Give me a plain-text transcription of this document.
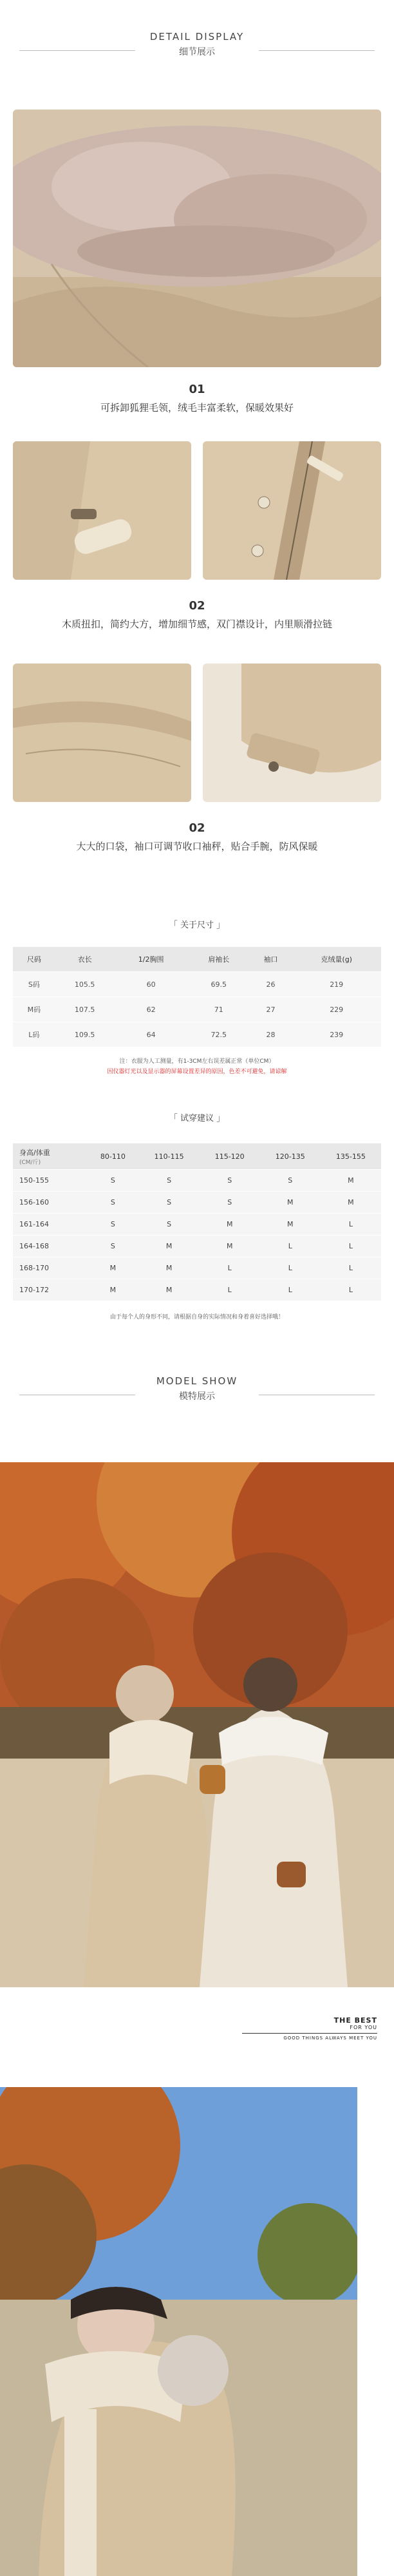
DETAIL DISPLAY
细节展示
01
可拆卸狐狸毛领，绒毛丰富柔软，保暖效果好
02
木质扭扣，简约大方，增加细节感，双门襟设计，内里顺滑拉链
02
大大的口袋，袖口可调节收口袖秤，贴合手腕，防风保暖
「 关于尺寸 」
尺码	衣长	1/2胸围	肩袖长	袖口	克绒量(g)
S码	105.5	60	69.5	26	219
M码	107.5	62	71	27	229
L码	109.5	64	72.5	28	239
注：衣服为人工测量，有1-3CM左右误差属正常（单位CM）
因仪器灯光以及显示器的屏幕设置差异的原因，色差不可避免，请谅解
「 试穿建议 」
身高/体重
(CM/斤)	80-110	110-115	115-120	120-135	135-155
150-155	S	S	S	S	M
156-160	S	S	S	M	M
161-164	S	S	M	M	L
164-168	S	M	M	L	L
168-170	M	M	L	L	L
170-172	M	M	L	L	L
由于每个人的身形不同，请根据自身的实际情况和身着喜好选择哦！
MODEL SHOW
模特展示
THE BEST
FOR YOU
GOOD THINGS ALWAYS MEET YOU
